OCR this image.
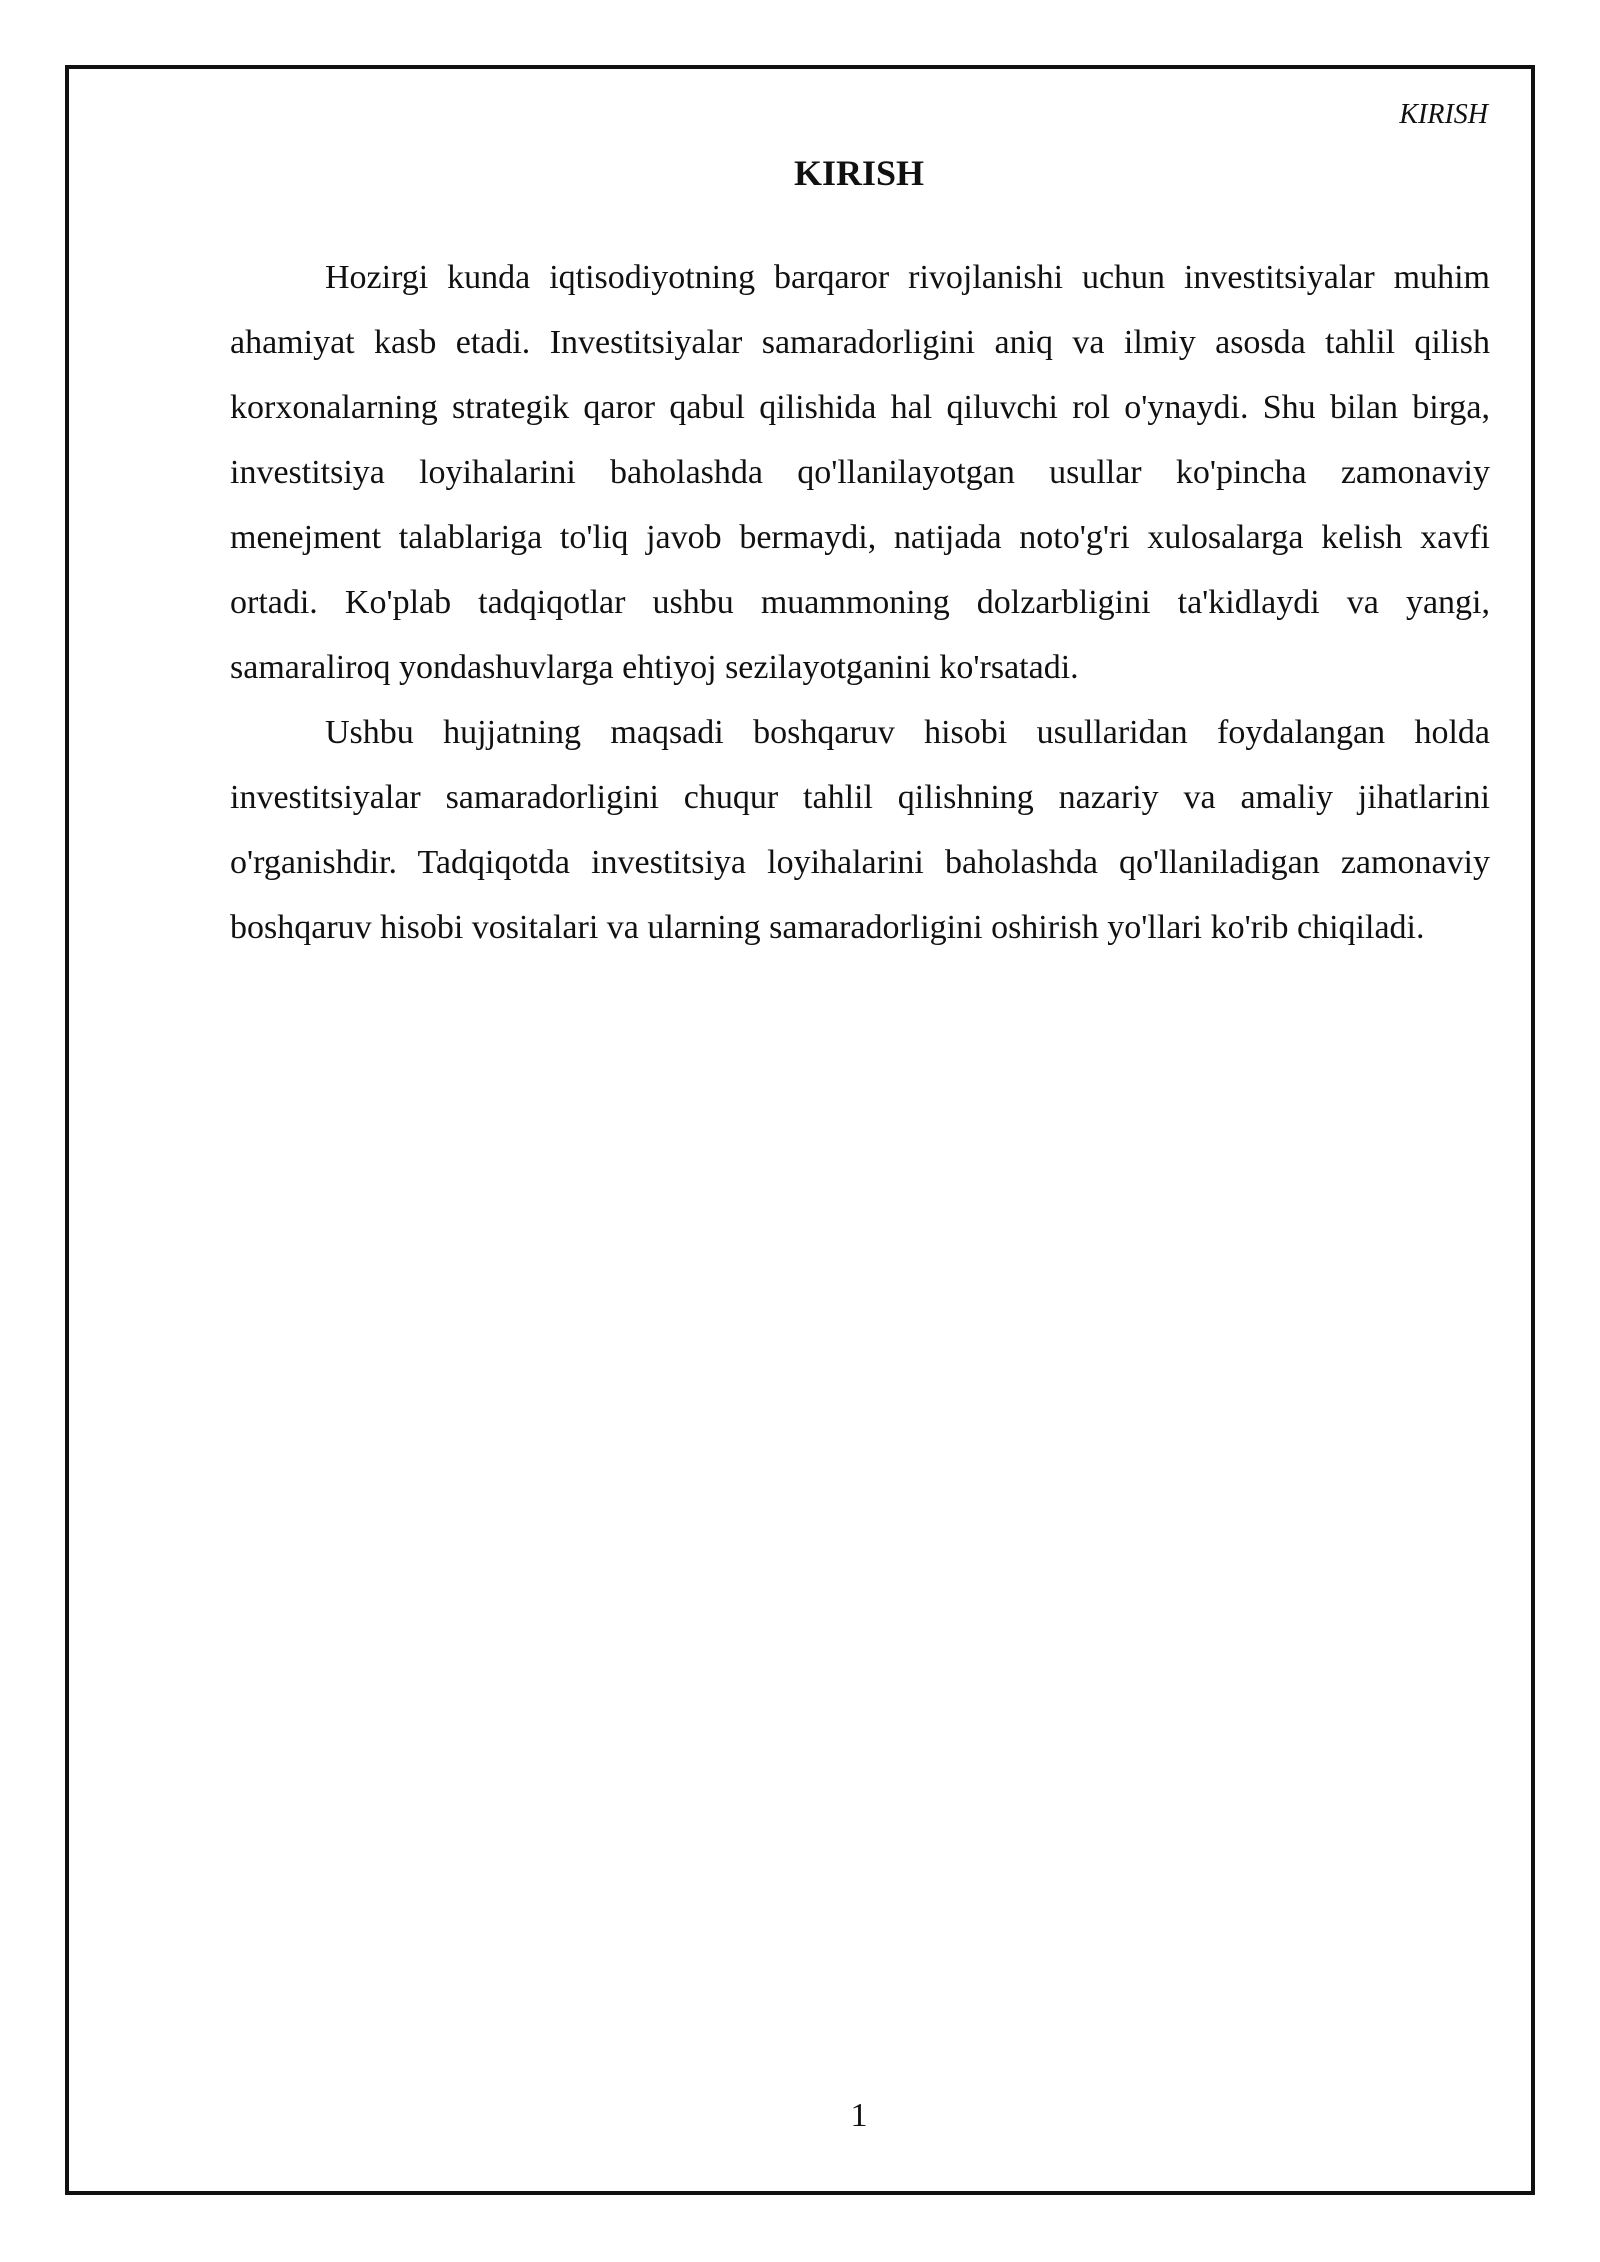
KIRISH
KIRISH

Hozirgi kunda iqtisodiyotning barqaror rivojlanishi uchun investitsiyalar muhim ahamiyat kasb etadi. Investitsiyalar samaradorligini aniq va ilmiy asosda tahlil qilish korxonalarning strategik qaror qabul qilishida hal qiluvchi rol o'ynaydi. Shu bilan birga, investitsiya loyihalarini baholashda qo'llanilayotgan usullar ko'pincha zamonaviy menejment talablariga to'liq javob bermaydi, natijada noto'g'ri xulosalarga kelish xavfi ortadi. Ko'plab tadqiqotlar ushbu muammoning dolzarbligini ta'kidlaydi va yangi, samaraliroq yondashuvlarga ehtiyoj sezilayotganini ko'rsatadi.

Ushbu hujjatning maqsadi boshqaruv hisobi usullaridan foydalangan holda investitsiyalar samaradorligini chuqur tahlil qilishning nazariy va amaliy jihatlarini o'rganishdir. Tadqiqotda investitsiya loyihalarini baholashda qo'llaniladigan zamonaviy boshqaruv hisobi vositalari va ularning samaradorligini oshirish yo'llari ko'rib chiqiladi.

1
